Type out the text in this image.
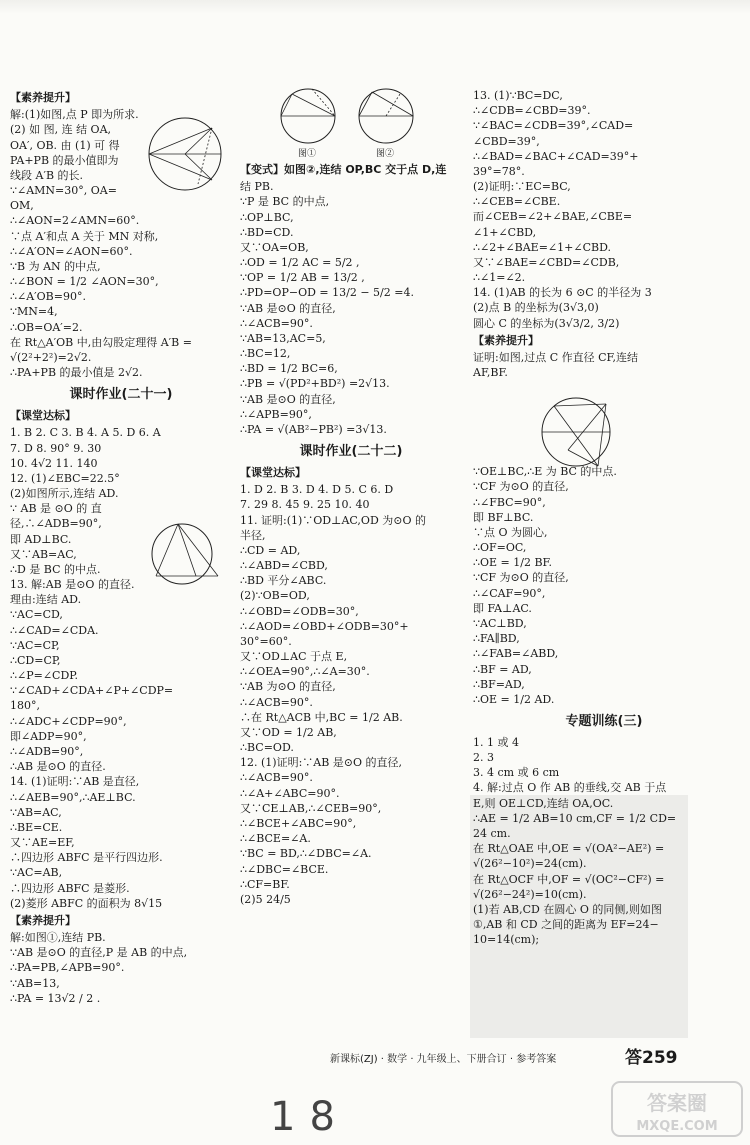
【素养提升】
解:(1)如图,点 P 即为所求.
(2) 如 图, 连 结 OA,
OA′, OB. 由 (1) 可 得
PA+PB 的最小值即为
线段 A′B 的长.
∵∠AMN=30°, OA=
OM,
∴∠AON=2∠AMN=60°.
∵点 A′和点 A 关于 MN 对称,
∴∠A′ON=∠AON=60°.
∵B 为 AN 的中点,
∴∠BON = 1/2 ∠AON=30°,
∴∠A′OB=90°.
∵MN=4,
∴OB=OA′=2.
在 Rt△A′OB 中,由勾股定理得 A′B =
√(2²+2²)=2√2.
∴PA+PB 的最小值是 2√2.
课时作业(二十一)
【课堂达标】
1. B 2. C 3. B 4. A 5. D 6. A
7. D 8. 90° 9. 30
10. 4√2 11. 140
12. (1)∠EBC=22.5°
(2)如图所示,连结 AD.
∵ AB 是 ⊙O 的 直
径,∴∠ADB=90°,
即 AD⊥BC.
又∵AB=AC,
∴D 是 BC 的中点.
13. 解:AB 是⊙O 的直径.
理由:连结 AD.
∵AC=CD,
∴∠CAD=∠CDA.
∵AC=CP,
∴CD=CP,
∴∠P=∠CDP.
∵∠CAD+∠CDA+∠P+∠CDP=
180°,
∴∠ADC+∠CDP=90°,
即∠ADP=90°,
∴∠ADB=90°,
∴AB 是⊙O 的直径.
14. (1)证明:∵AB 是直径,
∴∠AEB=90°,∴AE⊥BC.
∵AB=AC,
∴BE=CE.
又∵AE=EF,
∴四边形 ABFC 是平行四边形.
∵AC=AB,
∴四边形 ABFC 是菱形.
(2)菱形 ABFC 的面积为 8√15
【素养提升】
解:如图①,连结 PB.
∵AB 是⊙O 的直径,P 是 AB 的中点,
∴PA=PB,∠APB=90°.
∵AB=13,
∴PA = 13√2 / 2 .
【变式】如图②,连结 OP,BC 交于点 D,连
结 PB.
∵P 是 BC 的中点,
∴OP⊥BC,
∴BD=CD.
又∵OA=OB,
∴OD = 1/2 AC = 5/2 ,
∵OP = 1/2 AB = 13/2 ,
∴PD=OP−OD = 13/2 − 5/2 =4.
∵AB 是⊙O 的直径,
∴∠ACB=90°.
∵AB=13,AC=5,
∴BC=12,
∴BD = 1/2 BC=6,
∴PB = √(PD²+BD²) =2√13.
∵AB 是⊙O 的直径,
∴∠APB=90°,
∴PA = √(AB²−PB²) =3√13.
课时作业(二十二)
【课堂达标】
1. D 2. B 3. D 4. D 5. C 6. D
7. 29 8. 45 9. 25 10. 40
11. 证明:(1)∵OD⊥AC,OD 为⊙O 的
半径,
∴CD = AD,
∴∠ABD=∠CBD,
∴BD 平分∠ABC.
(2)∵OB=OD,
∴∠OBD=∠ODB=30°,
∴∠AOD=∠OBD+∠ODB=30°+
30°=60°.
又∵OD⊥AC 于点 E,
∴∠OEA=90°,∴∠A=30°.
∵AB 为⊙O 的直径,
∴∠ACB=90°.
∴在 Rt△ACB 中,BC = 1/2 AB.
又∵OD = 1/2 AB,
∴BC=OD.
12. (1)证明:∵AB 是⊙O 的直径,
∴∠ACB=90°.
∴∠A+∠ABC=90°.
又∵CE⊥AB,∴∠CEB=90°,
∴∠BCE+∠ABC=90°,
∴∠BCE=∠A.
∵BC = BD,∴∠DBC=∠A.
∴∠DBC=∠BCE.
∴CF=BF.
(2)5 24/5
图①	图②
13. (1)∵BC=DC,
∴∠CDB=∠CBD=39°.
∵∠BAC=∠CDB=39°,∠CAD=
∠CBD=39°,
∴∠BAD=∠BAC+∠CAD=39°+
39°=78°.
(2)证明:∵EC=BC,
∴∠CEB=∠CBE.
而∠CEB=∠2+∠BAE,∠CBE=
∠1+∠CBD,
∴∠2+∠BAE=∠1+∠CBD.
又∵∠BAE=∠CBD=∠CDB,
∴∠1=∠2.
14. (1)AB 的长为 6 ⊙C 的半径为 3
(2)点 B 的坐标为(3√3,0)
圆心 C 的坐标为(3√3/2, 3/2)
【素养提升】
证明:如图,过点 C 作直径 CF,连结
AF,BF.
∵OE⊥BC,∴E 为 BC 的中点.
∵CF 为⊙O 的直径,
∴∠FBC=90°,
即 BF⊥BC.
∵点 O 为圆心,
∴OF=OC,
∴OE = 1/2 BF.
∵CF 为⊙O 的直径,
∴∠CAF=90°,
即 FA⊥AC.
∵AC⊥BD,
∴FA∥BD,
∴∠FAB=∠ABD,
∴BF = AD,
∴BF=AD,
∴OE = 1/2 AD.
专题训练(三)
1. 1 或 4
2. 3
3. 4 cm 或 6 cm
4. 解:过点 O 作 AB 的垂线,交 AB 于点
E,则 OE⊥CD,连结 OA,OC.
∴AE = 1/2 AB=10 cm,CF = 1/2 CD=
24 cm.
在 Rt△OAE 中,OE = √(OA²−AE²) =
√(26²−10²)=24(cm).
在 Rt△OCF 中,OF = √(OC²−CF²) =
√(26²−24²)=10(cm).
(1)若 AB,CD 在圆心 O 的同侧,则如图
①,AB 和 CD 之间的距离为 EF=24−
10=14(cm);
新课标(ZJ) · 数学 · 九年级上、下册合订 · 参考答案	答259
18	答案圈
MXQE.COM
